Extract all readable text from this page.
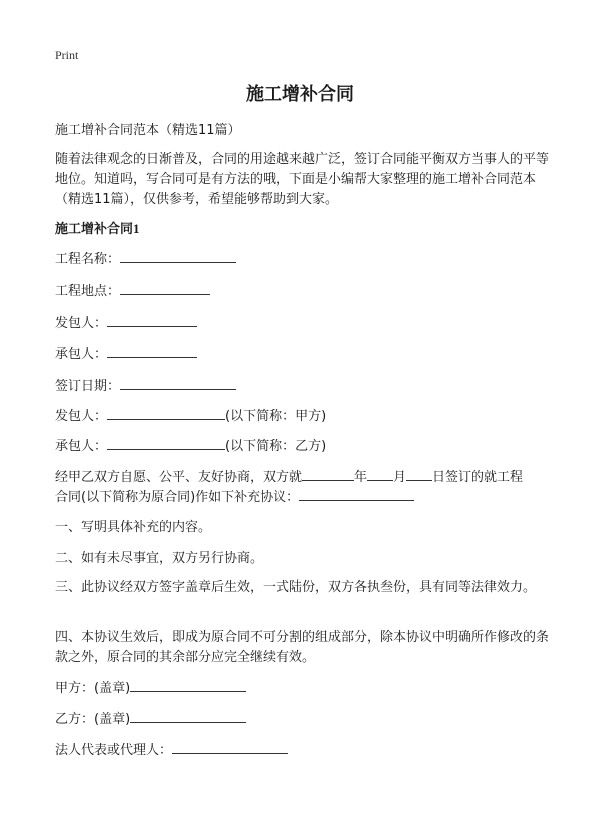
Print
施工增补合同
施工增补合同范本（精选11篇）
随着法律观念的日渐普及，合同的用途越来越广泛，签订合同能平衡双方当事人的平等地位。知道吗，写合同可是有方法的哦，下面是小编帮大家整理的施工增补合同范本（精选11篇），仅供参考，希望能够帮助到大家。
施工增补合同1
工程名称：
工程地点：
发包人：
承包人：
签订日期：
发包人：	(以下简称：甲方)
承包人：	(以下简称：乙方)
经甲乙双方自愿、公平、友好协商，双方就	年 月 日签订的就工程
合同(以下简称为原合同)作如下补充协议：
一、写明具体补充的内容。
二、如有未尽事宜，双方另行协商。
三、此协议经双方签字盖章后生效，一式陆份，双方各执叁份，具有同等法律效力。
四、本协议生效后，即成为原合同不可分割的组成部分，除本协议中明确所作修改的条款之外，原合同的其余部分应完全继续有效。
甲方：(盖章)
乙方：(盖章)
法人代表或代理人：
